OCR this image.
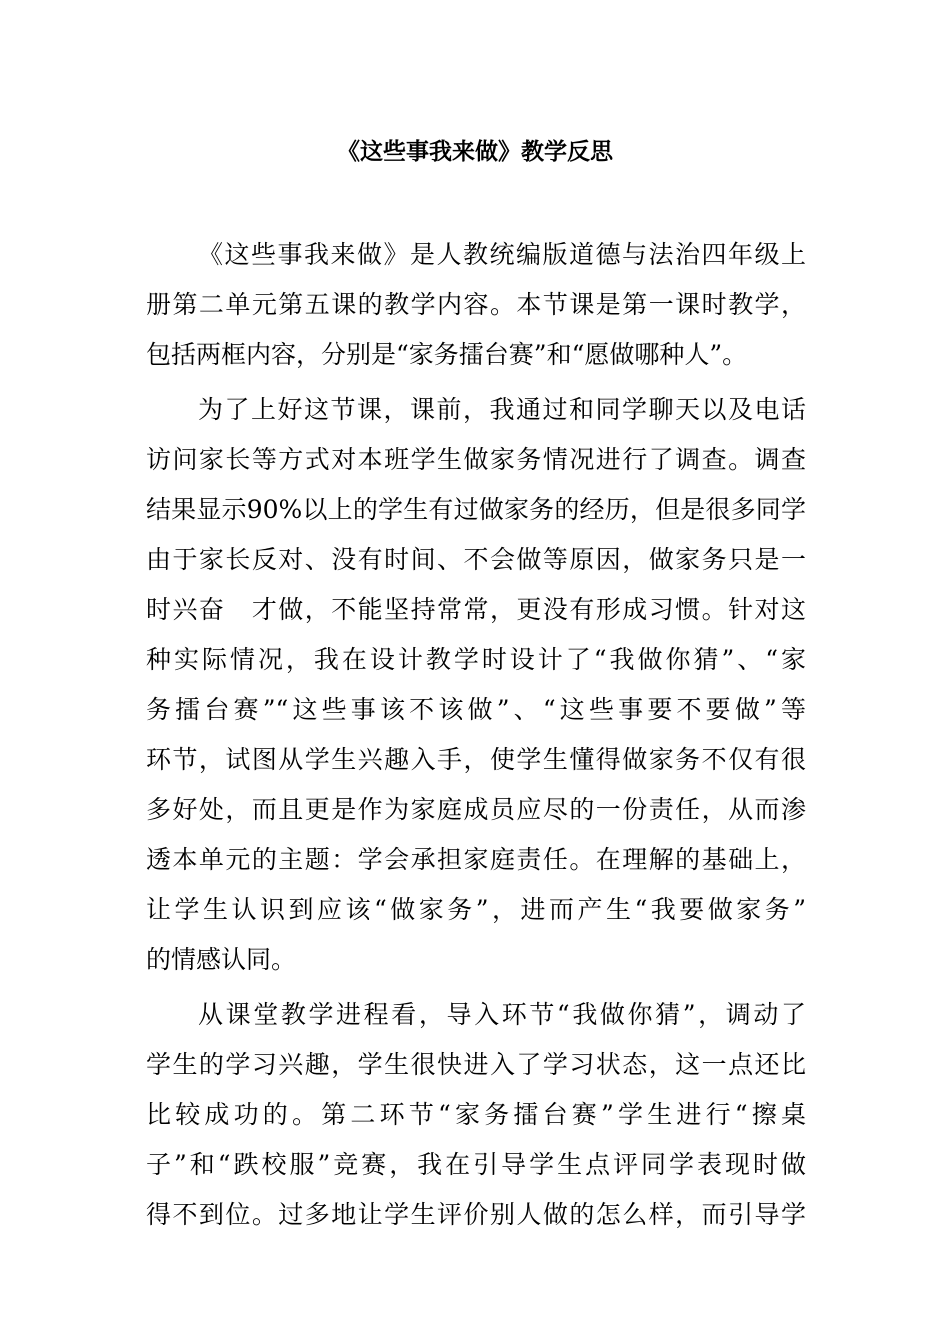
《这些事我来做》教学反思
《这些事我来做》是人教统编版道德与法治四年级上
册第二单元第五课的教学内容。本节课是第一课时教学，
包括两框内容，分别是“家务擂台赛”和“愿做哪种人”。
为了上好这节课，课前，我通过和同学聊天以及电话
访问家长等方式对本班学生做家务情况进行了调查。调查
结果显示90%以上的学生有过做家务的经历，但是很多同学
由于家长反对、没有时间、不会做等原因，做家务只是一
时兴奋　才做，不能坚持常常，更没有形成习惯。针对这
种实际情况，我在设计教学时设计了“我做你猜”、“家
务擂台赛”“这些事该不该做”、“这些事要不要做”等
环节，试图从学生兴趣入手，使学生懂得做家务不仅有很
多好处，而且更是作为家庭成员应尽的一份责任，从而渗
透本单元的主题：学会承担家庭责任。在理解的基础上，
让学生认识到应该“做家务”，进而产生“我要做家务”
的情感认同。
从课堂教学进程看，导入环节“我做你猜”，调动了
学生的学习兴趣，学生很快进入了学习状态，这一点还比
比较成功的。第二环节“家务擂台赛”学生进行“擦桌
子”和“跌校服”竞赛，我在引导学生点评同学表现时做
得不到位。过多地让学生评价别人做的怎么样，而引导学
